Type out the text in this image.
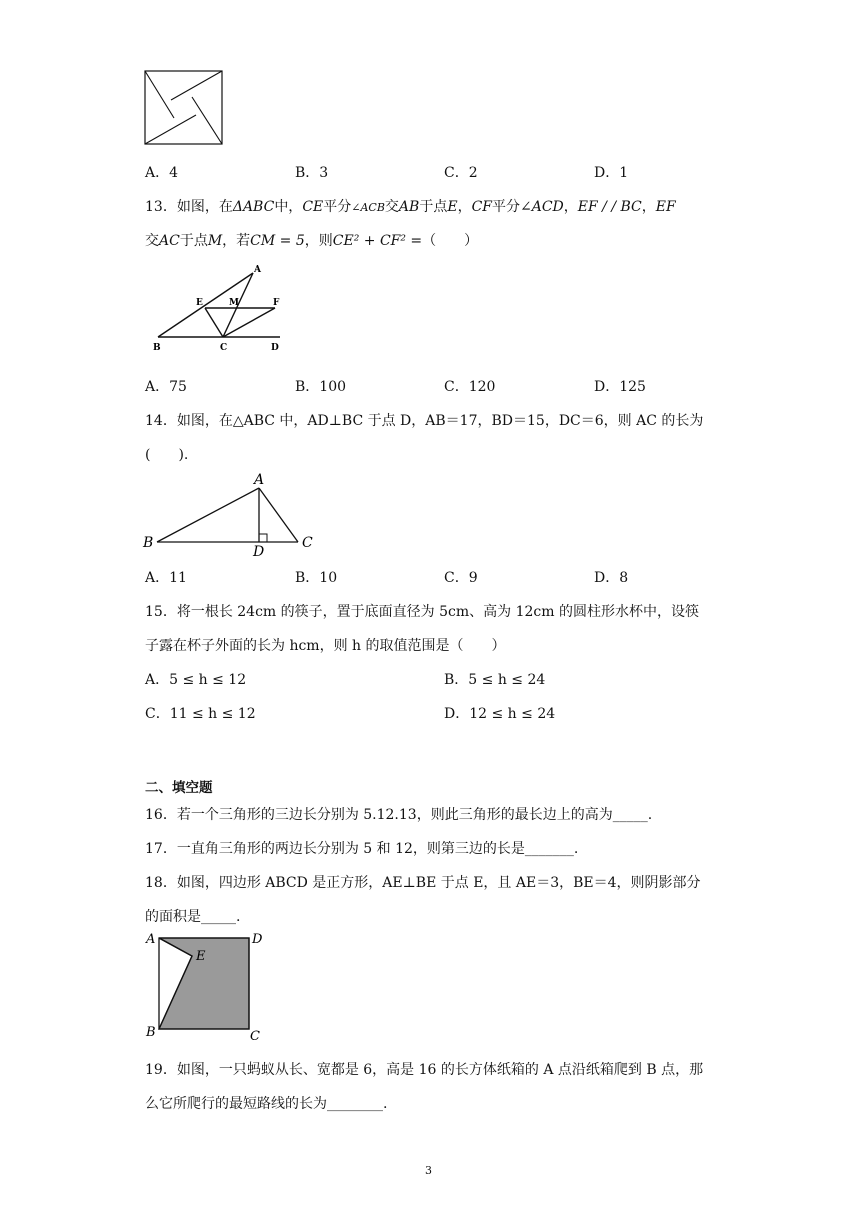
A．4	B．3	C．2	D．1
13．如图，在ΔABC中，CE平分∠ACB交AB于点E，CF平分∠ACD，EF / / BC，EF
交AC于点M，若CM = 5，则CE² + CF² =（　　）
A
E	M	F
B	C	D
A．75	B．100	C．120	D．125
14．如图，在△ABC 中，AD⊥BC 于点 D，AB＝17，BD＝15，DC＝6，则 AC 的长为
(　　).
A
B	C
D
A．11	B．10	C．9	D．8
15．将一根长 24cm 的筷子，置于底面直径为 5cm、高为 12cm 的圆柱形水杯中，设筷
子露在杯子外面的长为 hcm，则 h 的取值范围是（　　）
A．5 ≤ h ≤ 12	B．5 ≤ h ≤ 24
C．11 ≤ h ≤ 12	D．12 ≤ h ≤ 24
二、填空题
16．若一个三角形的三边长分别为 5.12.13，则此三角形的最长边上的高为_____.
17．一直角三角形的两边长分别为 5 和 12，则第三边的长是_______.
18．如图，四边形 ABCD 是正方形，AE⊥BE 于点 E，且 AE＝3，BE＝4，则阴影部分
的面积是_____.
A	D
E
B	C
19．如图，一只蚂蚁从长、宽都是 6，高是 16 的长方体纸箱的 A 点沿纸箱爬到 B 点，那
么它所爬行的最短路线的长为________.
3
